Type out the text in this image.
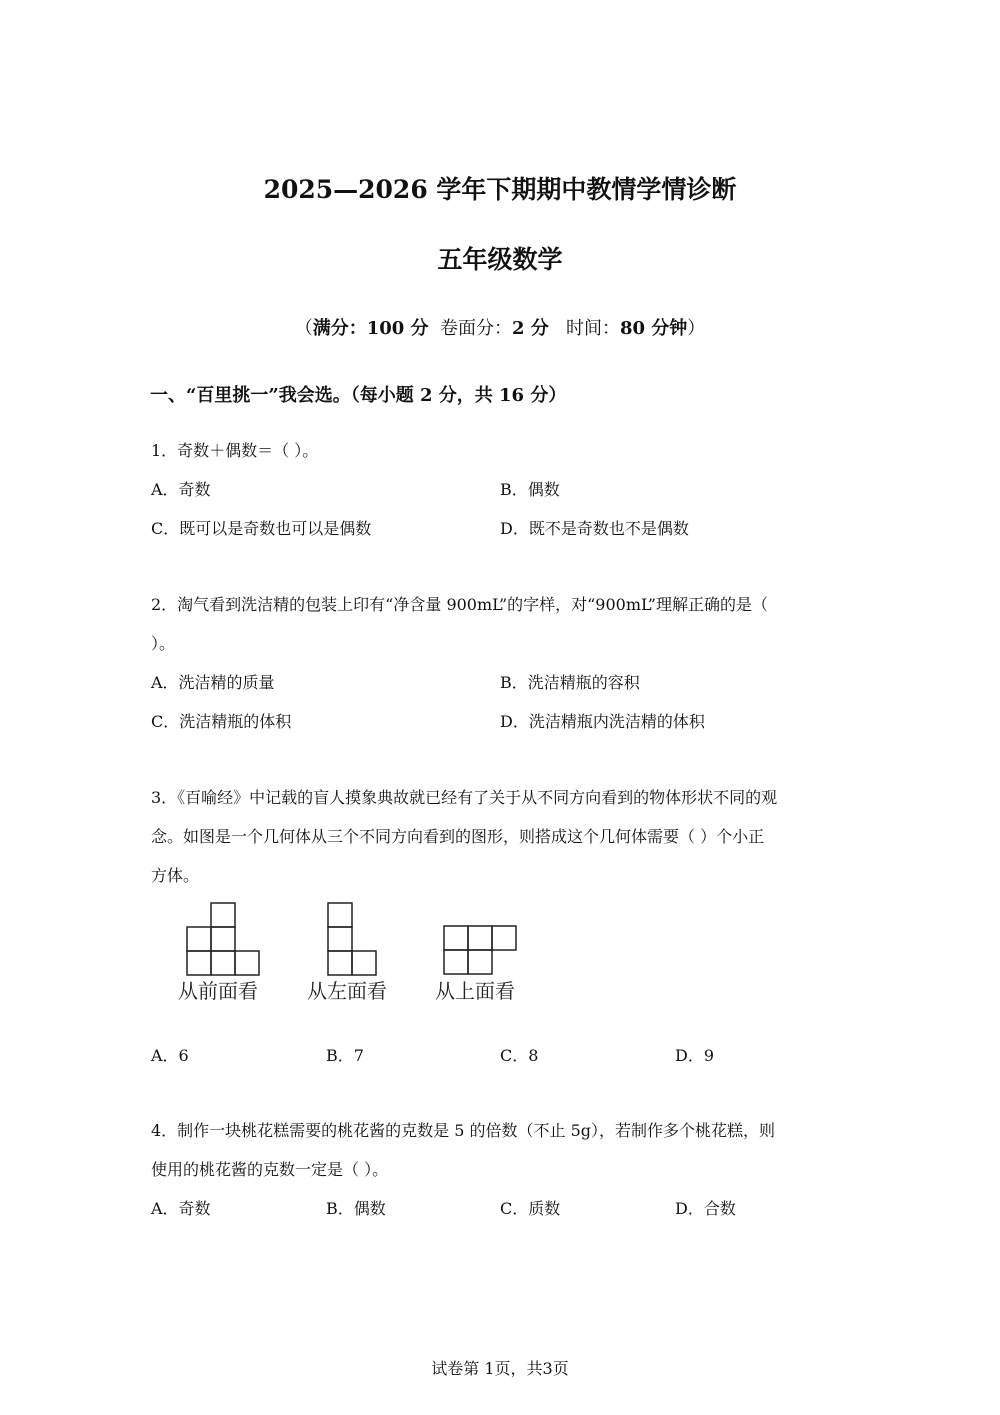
2025—2026 学年下期期中教情学情诊断
五年级数学
（满分：100 分  卷面分：2 分   时间：80 分钟）
一、“百里挑一”我会选。（每小题 2 分，共 16 分）
1．奇数＋偶数＝（ ）。
A．奇数	B．偶数
C．既可以是奇数也可以是偶数	D．既不是奇数也不是偶数
2．淘气看到洗洁精的包装上印有“净含量 900mL”的字样，对“900mL”理解正确的是（
）。
A．洗洁精的质量	B．洗洁精瓶的容积
C．洗洁精瓶的体积	D．洗洁精瓶内洗洁精的体积
3．《百喻经》中记载的盲人摸象典故就已经有了关于从不同方向看到的物体形状不同的观
念。如图是一个几何体从三个不同方向看到的图形，则搭成这个几何体需要（ ）个小正
方体。
从前面看 从左面看 从上面看
A．6	B．7	C．8	D．9
4．制作一块桃花糕需要的桃花酱的克数是 5 的倍数（不止 5g），若制作多个桃花糕，则
使用的桃花酱的克数一定是（ ）。
A．奇数	B．偶数	C．质数	D．合数
试卷第 1页，共3页
